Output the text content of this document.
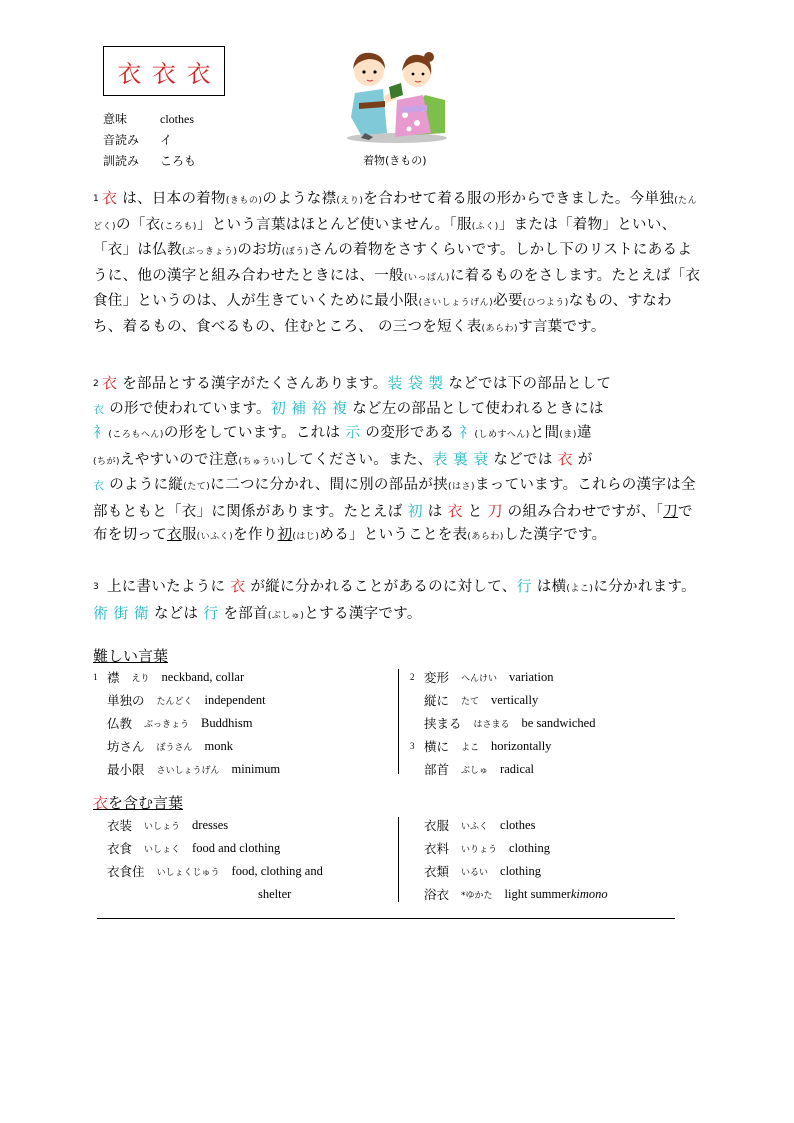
衣 衣 衣
意味	clothes
音読み	イ
訓読み	ころも	着物(きもの)
1 衣 は、日本の着物(きもの)のような襟(えり)を合わせて着る服の形からできました。今単独(たんどく)の「衣(ころも)」という言葉はほとんど使いません。「服(ふく)」または「着物」といい、「衣」は仏教(ぶっきょう)のお坊(ぼう)さんの着物をさすくらいです。しかし下のリストにあるように、他の漢字と組み合わせたときには、一般(いっぱん)に着るものをさします。たとえば「衣食住」というのは、人が生きていくために最小限(さいしょうげん)必要(ひつよう)なもの、すなわち、着るもの、食べるもの、住むところ、 の三つを短く表(あらわ)す言葉です。
2 衣 を部品とする漢字がたくさんあります。装 袋 製 などでは下の部品として
衣 の形で使われています。初 補 裕 複 など左の部品として使われるときには
衤(ころもへん)の形をしています。これは 示 の変形である 礻(しめすへん)と間(ま)違
(ちが)えやすいので注意(ちゅうい)してください。また、表 裏 衰 などでは 衣 が
衣 のように縦(たて)に二つに分かれ、間に別の部品が挟(はさ)まっています。これらの漢字は全部もともと「衣」に関係があります。たとえば 初 は 衣 と 刀 の組み合わせですが、「刀で布を切って衣服(いふく)を作り初(はじ)める」ということを表(あらわ)した漢字です。
3 上に書いたように 衣 が縦に分かれることがあるのに対して、行 は横(よこ)に分かれます。術 街 衛 などは 行 を部首(ぶしゅ)とする漢字です。
難しい言葉
1 襟 えり neckband, collar
単独の たんどく independent
仏教 ぶっきょう Buddhism
坊さん ぼうさん monk
最小限 さいしょうげん minimum
2 変形 へんけい variation
縦に たて vertically
挟まる はさまる be sandwiched
3 横に よこ horizontally
部首 ぶしゅ radical
衣を含む言葉
衣装 いしょう dresses
衣食 いしょく food and clothing
衣食住 いしょくじゅう food, clothing and
shelter
衣服 いふく clothes
衣料 いりょう clothing
衣類 いるい clothing
浴衣 *ゆかた light summer kimono
